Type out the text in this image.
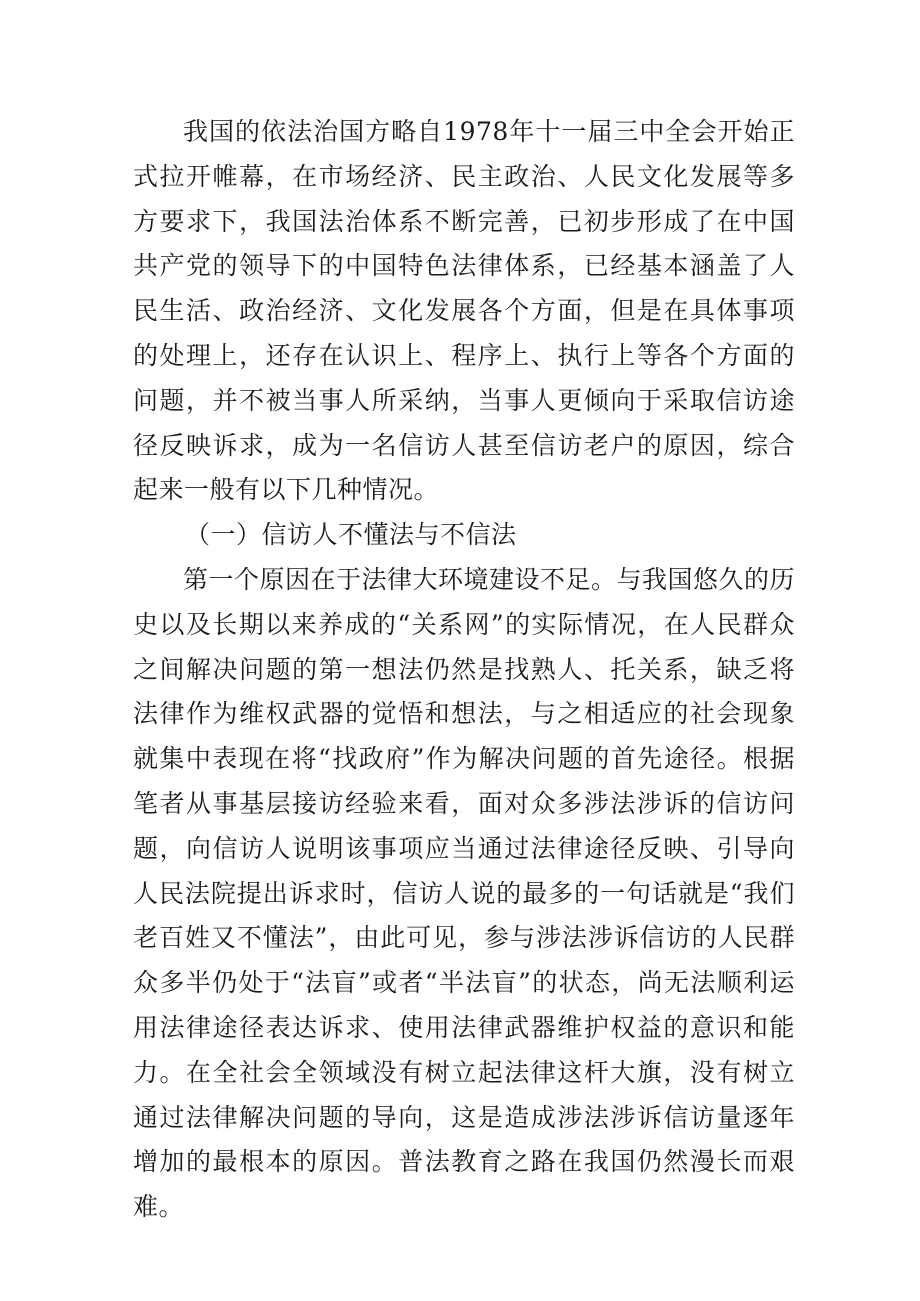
我国的依法治国方略自1978年十一届三中全会开始正式拉开帷幕，在市场经济、民主政治、人民文化发展等多方要求下，我国法治体系不断完善，已初步形成了在中国共产党的领导下的中国特色法律体系，已经基本涵盖了人民生活、政治经济、文化发展各个方面，但是在具体事项的处理上，还存在认识上、程序上、执行上等各个方面的问题，并不被当事人所采纳，当事人更倾向于采取信访途径反映诉求，成为一名信访人甚至信访老户的原因，综合起来一般有以下几种情况。

（一）信访人不懂法与不信法

第一个原因在于法律大环境建设不足。与我国悠久的历史以及长期以来养成的“关系网”的实际情况，在人民群众之间解决问题的第一想法仍然是找熟人、托关系，缺乏将法律作为维权武器的觉悟和想法，与之相适应的社会现象就集中表现在将“找政府”作为解决问题的首先途径。根据笔者从事基层接访经验来看，面对众多涉法涉诉的信访问题，向信访人说明该事项应当通过法律途径反映、引导向人民法院提出诉求时，信访人说的最多的一句话就是“我们老百姓又不懂法”，由此可见，参与涉法涉诉信访的人民群众多半仍处于“法盲”或者“半法盲”的状态，尚无法顺利运用法律途径表达诉求、使用法律武器维护权益的意识和能力。在全社会全领域没有树立起法律这杆大旗，没有树立通过法律解决问题的导向，这是造成涉法涉诉信访量逐年增加的最根本的原因。普法教育之路在我国仍然漫长而艰难。
